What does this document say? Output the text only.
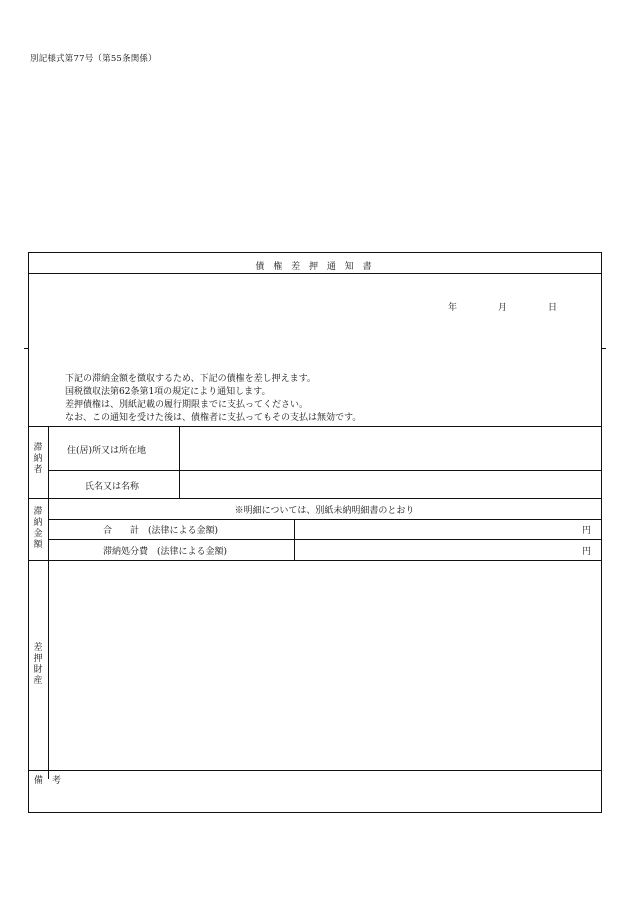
別記様式第77号（第55条関係）
債 権 差 押 通 知 書
年	月	日
下記の滞納金額を徴収するため、下記の債権を差し押えます。
国税徴収法第62条第1項の規定により通知します。
差押債権は、別紙記載の履行期限までに支払ってください。
なお、この通知を受けた後は、債権者に支払ってもその支払は無効です。
滞
納
者
住(居)所又は所在地
氏名又は名称
滞
納
金
額
※明細については、別紙未納明細書のとおり
合　　計　(法律による金額)	円
滞納処分費　(法律による金額)	円
差
押
財
産
備　考
